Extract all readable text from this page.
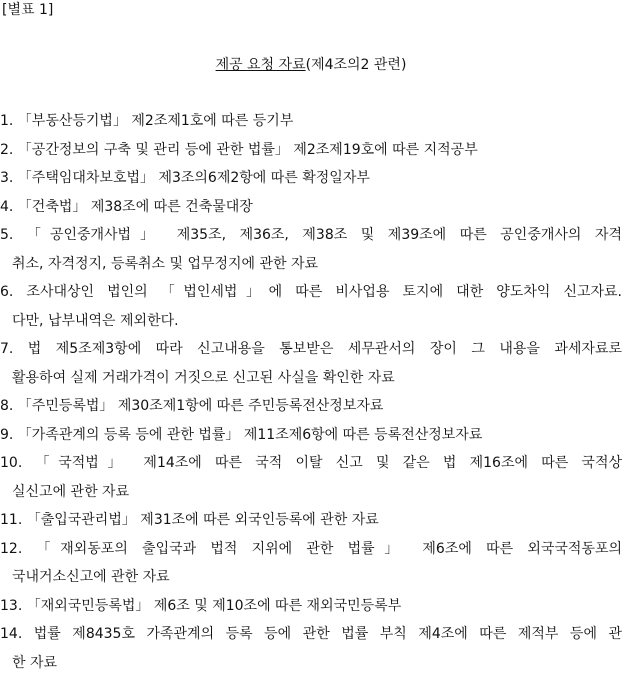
[별표 1]
제공 요청 자료(제4조의2 관련)
1. 「부동산등기법」 제2조제1호에 따른 등기부
2. 「공간정보의 구축 및 관리 등에 관한 법률」 제2조제19호에 따른 지적공부
3. 「주택임대차보호법」 제3조의6제2항에 따른 확정일자부
4. 「건축법」 제38조에 따른 건축물대장
5. 「공인중개사법」 제35조, 제36조, 제38조 및 제39조에 따른 공인중개사의 자격
취소, 자격정지, 등록취소 및 업무정지에 관한 자료
6. 조사대상인 법인의 「법인세법」에 따른 비사업용 토지에 대한 양도차익 신고자료.
다만, 납부내역은 제외한다.
7. 법 제5조제3항에 따라 신고내용을 통보받은 세무관서의 장이 그 내용을 과세자료로
활용하여 실제 거래가격이 거짓으로 신고된 사실을 확인한 자료
8. 「주민등록법」 제30조제1항에 따른 주민등록전산정보자료
9. 「가족관계의 등록 등에 관한 법률」 제11조제6항에 따른 등록전산정보자료
10. 「국적법」 제14조에 따른 국적 이탈 신고 및 같은 법 제16조에 따른 국적상
실신고에 관한 자료
11. 「출입국관리법」 제31조에 따른 외국인등록에 관한 자료
12. 「재외동포의 출입국과 법적 지위에 관한 법률」 제6조에 따른 외국국적동포의
국내거소신고에 관한 자료
13. 「재외국민등록법」 제6조 및 제10조에 따른 재외국민등록부
14. 법률 제8435호 가족관계의 등록 등에 관한 법률 부칙 제4조에 따른 제적부 등에 관
한 자료
